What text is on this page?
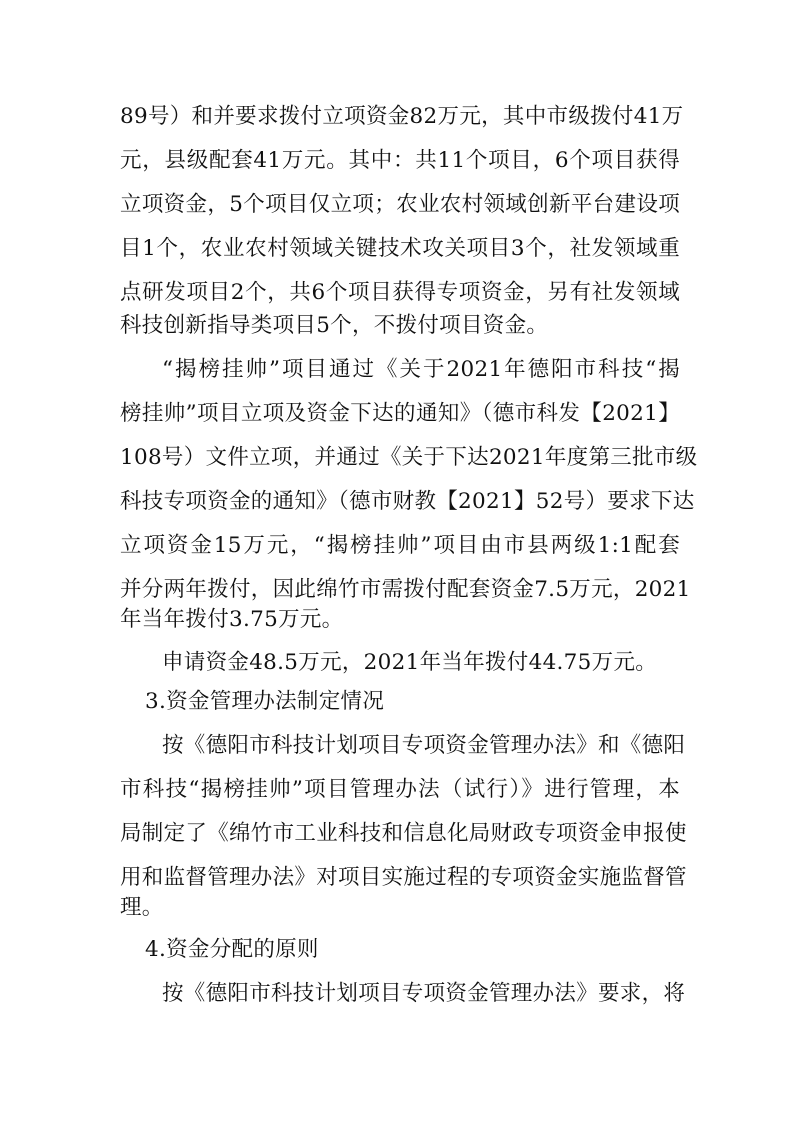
89号）和并要求拨付立项资金82万元，其中市级拨付41万
元，县级配套41万元。其中：共11个项目，6个项目获得
立项资金，5个项目仅立项；农业农村领域创新平台建设项
目1个，农业农村领域关键技术攻关项目3个，社发领域重
点研发项目2个，共6个项目获得专项资金，另有社发领域
科技创新指导类项目5个，不拨付项目资金。
“揭榜挂帅”项目通过《关于2021年德阳市科技“揭
榜挂帅”项目立项及资金下达的通知》（德市科发【2021】
108号）文件立项，并通过《关于下达2021年度第三批市级
科技专项资金的通知》（德市财教【2021】52号）要求下达
立项资金15万元，“揭榜挂帅”项目由市县两级1:1配套
并分两年拨付，因此绵竹市需拨付配套资金7.5万元，2021
年当年拨付3.75万元。
申请资金48.5万元，2021年当年拨付44.75万元。
3.资金管理办法制定情况
按《德阳市科技计划项目专项资金管理办法》和《德阳
市科技“揭榜挂帅”项目管理办法（试行）》进行管理，本
局制定了《绵竹市工业科技和信息化局财政专项资金申报使
用和监督管理办法》对项目实施过程的专项资金实施监督管
理。
4.资金分配的原则
按《德阳市科技计划项目专项资金管理办法》要求，将
